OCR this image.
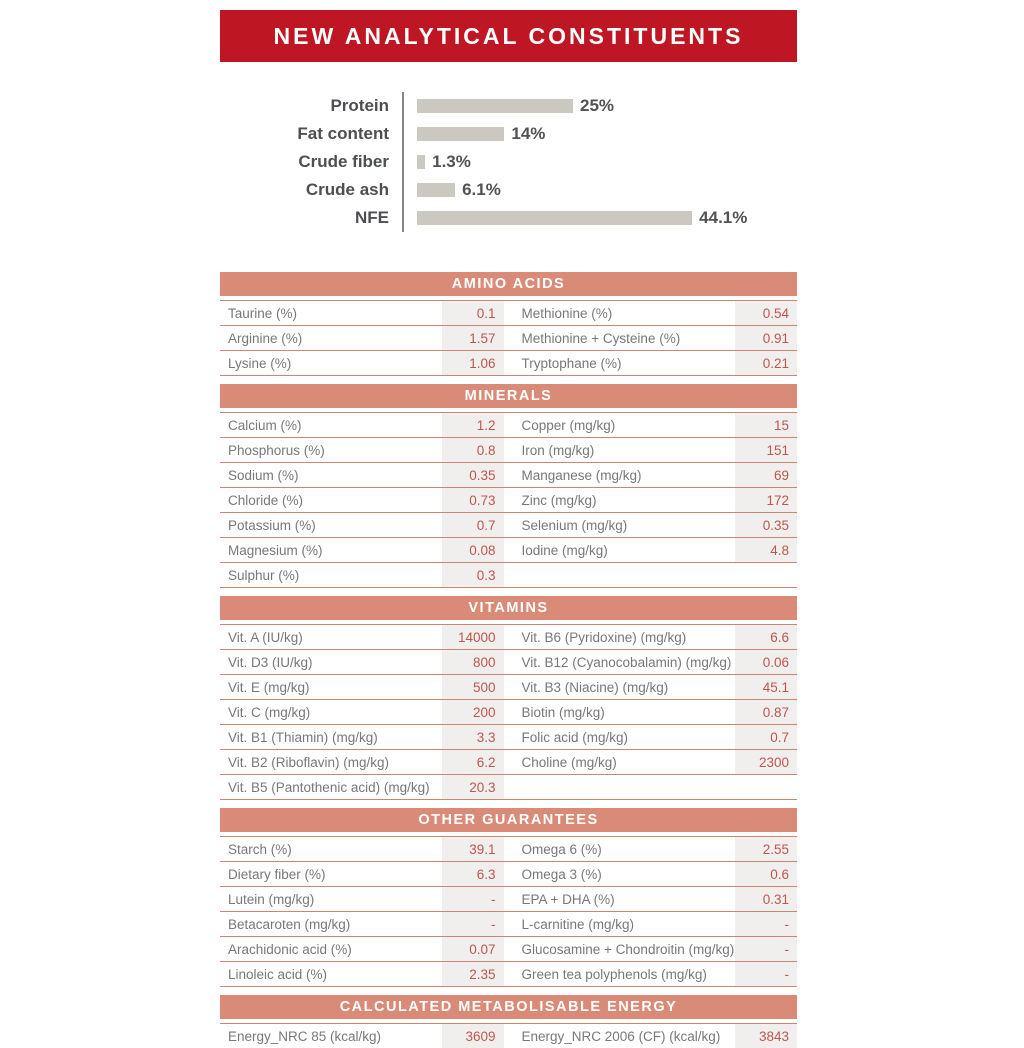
NEW ANALYTICAL CONSTITUENTS
Protein	25%
Fat content	14%
Crude fiber	1.3%
Crude ash	6.1%
NFE	44.1%
AMINO ACIDS
Taurine (%)	0.1	Methionine (%)	0.54
Arginine (%)	1.57	Methionine + Cysteine (%)	0.91
Lysine (%)	1.06	Tryptophane (%)	0.21
MINERALS
Calcium (%)	1.2	Copper (mg/kg)	15
Phosphorus (%)	0.8	Iron (mg/kg)	151
Sodium (%)	0.35	Manganese (mg/kg)	69
Chloride (%)	0.73	Zinc (mg/kg)	172
Potassium (%)	0.7	Selenium (mg/kg)	0.35
Magnesium (%)	0.08	Iodine (mg/kg)	4.8
Sulphur (%)	0.3
VITAMINS
Vit. A (IU/kg)	14000	Vit. B6 (Pyridoxine) (mg/kg)	6.6
Vit. D3 (IU/kg)	800	Vit. B12 (Cyanocobalamin) (mg/kg)	0.06
Vit. E (mg/kg)	500	Vit. B3 (Niacine) (mg/kg)	45.1
Vit. C (mg/kg)	200	Biotin (mg/kg)	0.87
Vit. B1 (Thiamin) (mg/kg)	3.3	Folic acid (mg/kg)	0.7
Vit. B2 (Riboflavin) (mg/kg)	6.2	Choline (mg/kg)	2300
Vit. B5 (Pantothenic acid) (mg/kg)	20.3
OTHER GUARANTEES
Starch (%)	39.1	Omega 6 (%)	2.55
Dietary fiber (%)	6.3	Omega 3 (%)	0.6
Lutein (mg/kg)	-	EPA + DHA (%)	0.31
Betacaroten (mg/kg)	-	L-carnitine (mg/kg)	-
Arachidonic acid (%)	0.07	Glucosamine + Chondroitin (mg/kg)	-
Linoleic acid (%)	2.35	Green tea polyphenols (mg/kg)	-
CALCULATED METABOLISABLE ENERGY
Energy_NRC 85 (kcal/kg)	3609	Energy_NRC 2006 (CF) (kcal/kg)	3843
